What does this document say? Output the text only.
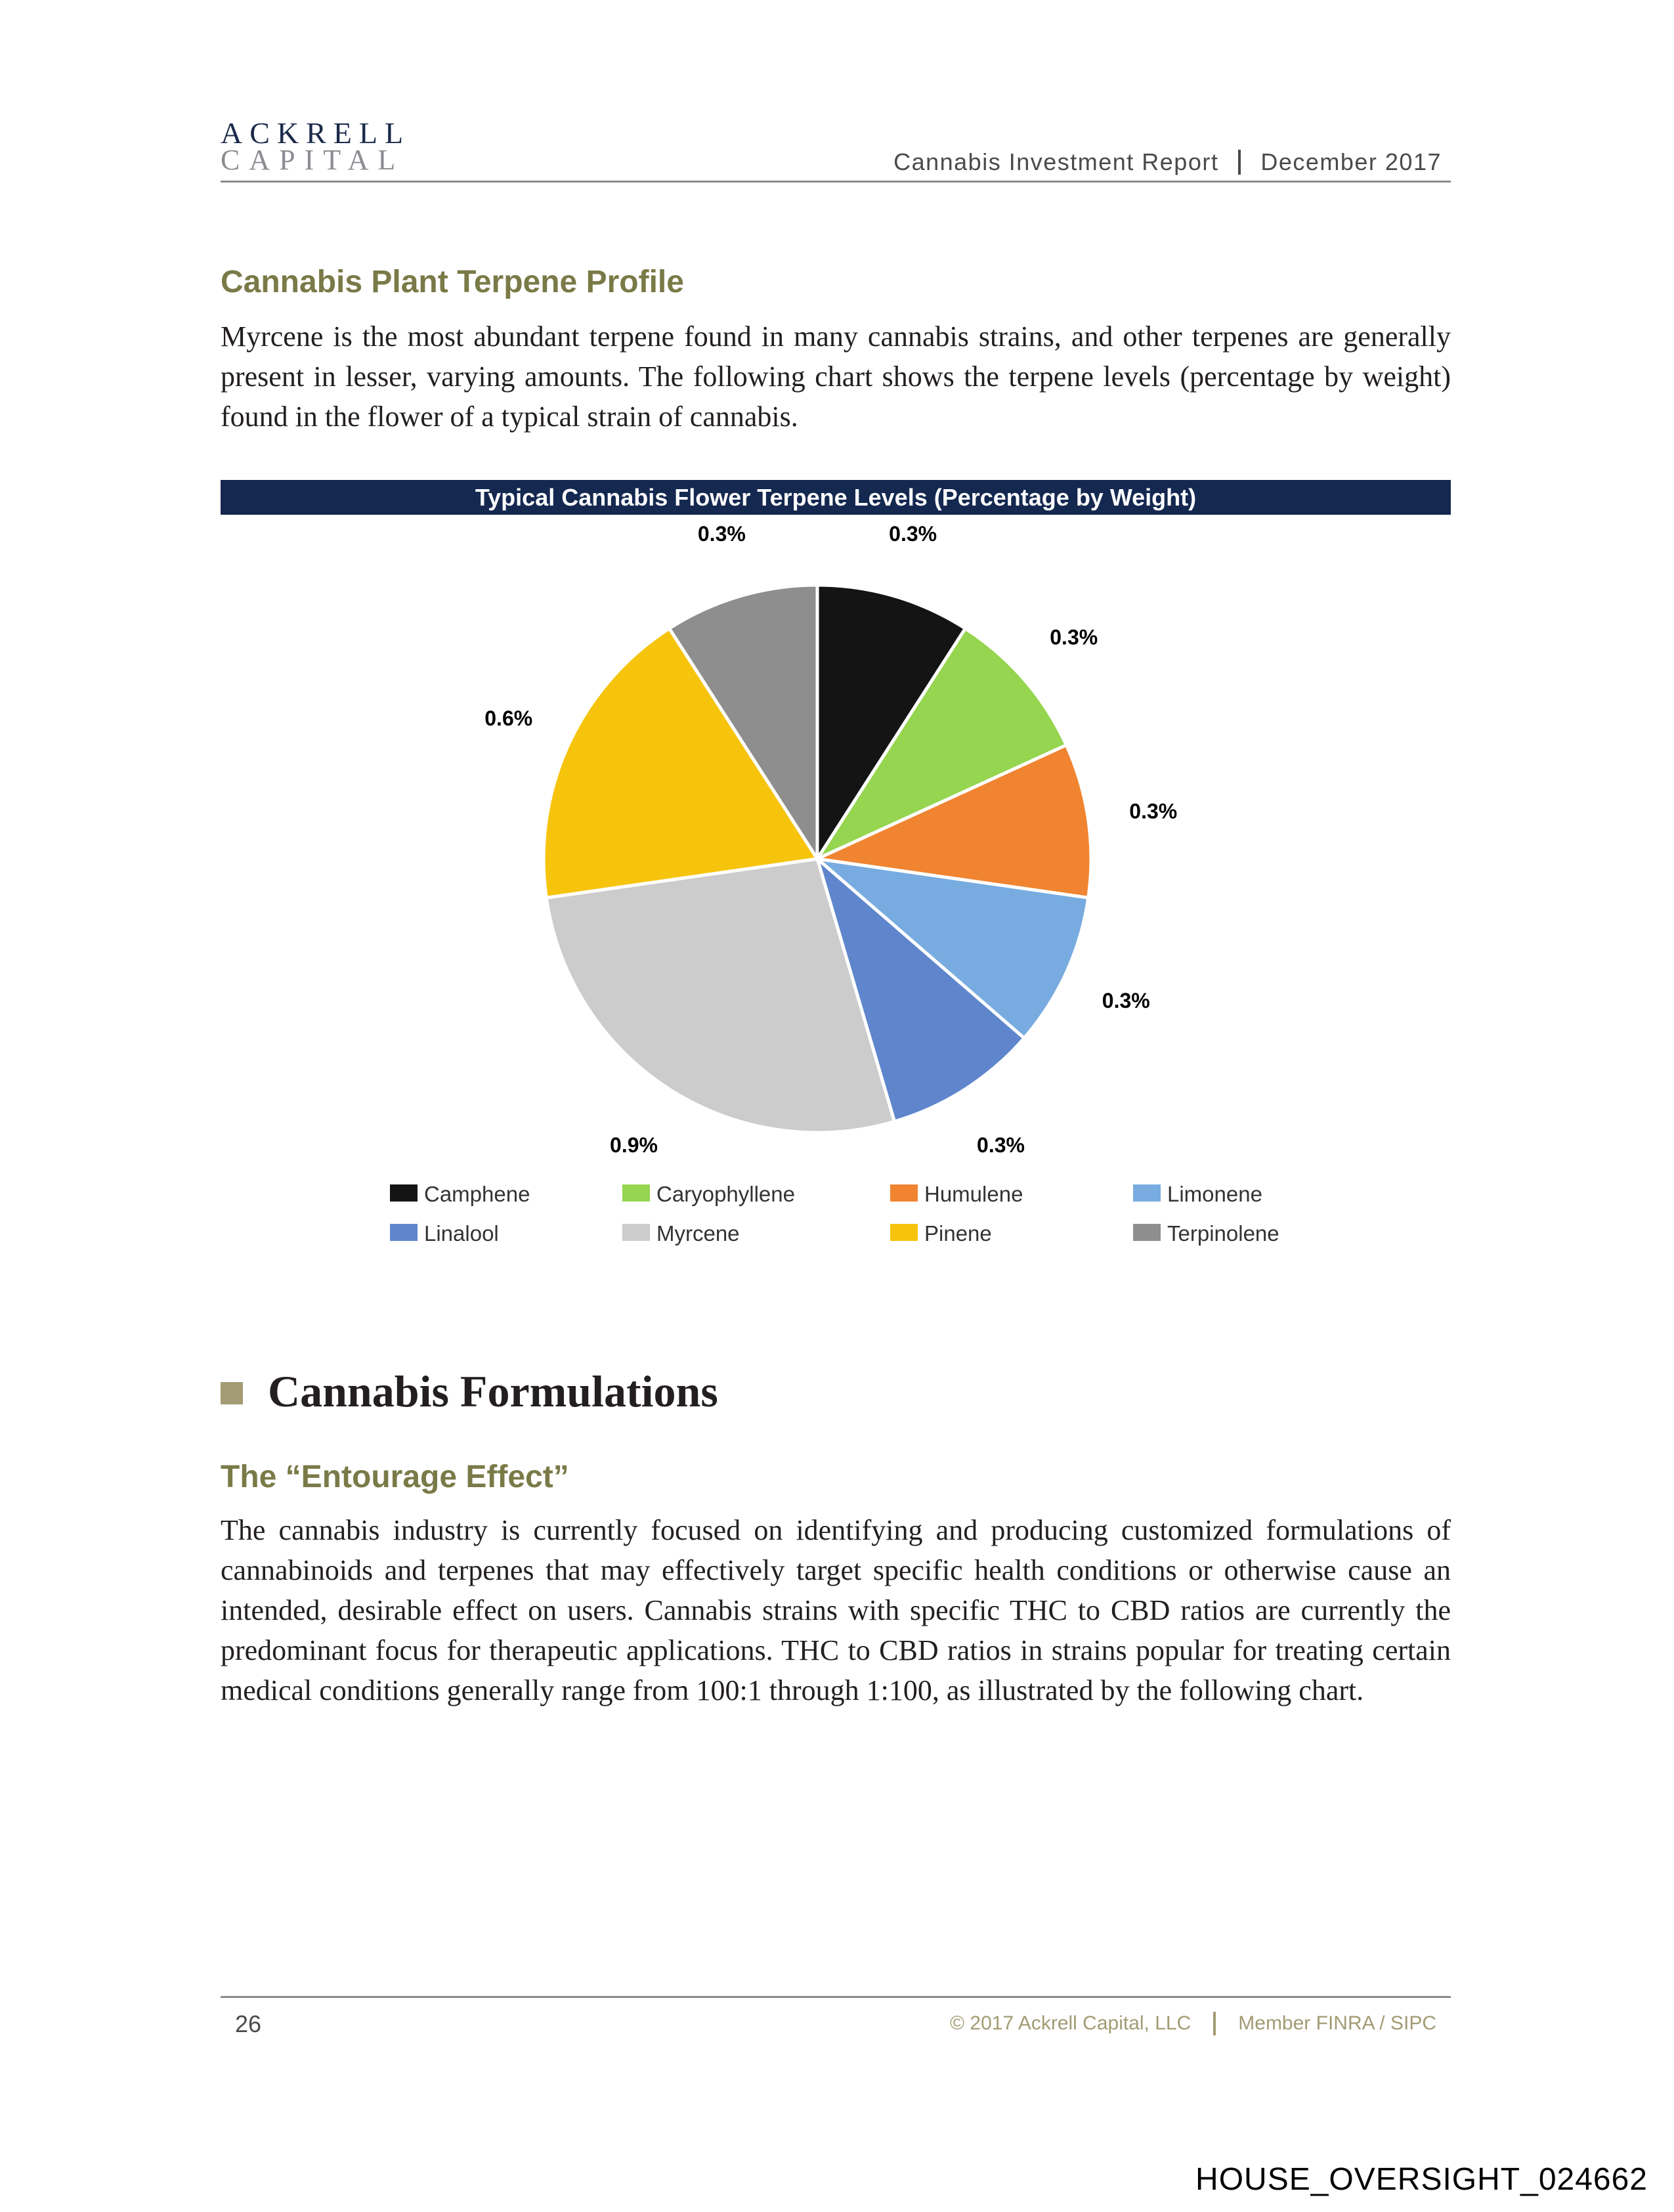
ACKRELL
CAPITAL	Cannabis Investment Report December 2017
Cannabis Plant Terpene Profile
Myrcene is the most abundant terpene found in many cannabis strains, and other terpenes are generally present in lesser, varying amounts. The following chart shows the terpene levels (percentage by weight) found in the flower of a typical strain of cannabis.
Typical Cannabis Flower Terpene Levels (Percentage by Weight)
0.3%
0.3%
0.3%
0.3%
0.3%
0.9%
0.6%
0.3%
Camphene	Caryophyllene	Humulene	Limonene
Linalool	Myrcene	Pinene	Terpinolene
Cannabis Formulations
The “Entourage Effect”
The cannabis industry is currently focused on identifying and producing customized formulations of cannabinoids and terpenes that may effectively target specific health conditions or otherwise cause an intended, desirable effect on users. Cannabis strains with specific THC to CBD ratios are currently the predominant focus for therapeutic applications. THC to CBD ratios in strains popular for treating certain medical conditions generally range from 100:1 through 1:100, as illustrated by the following chart.
26	© 2017 Ackrell Capital, LLC Member FINRA / SIPC
HOUSE_OVERSIGHT_024662
